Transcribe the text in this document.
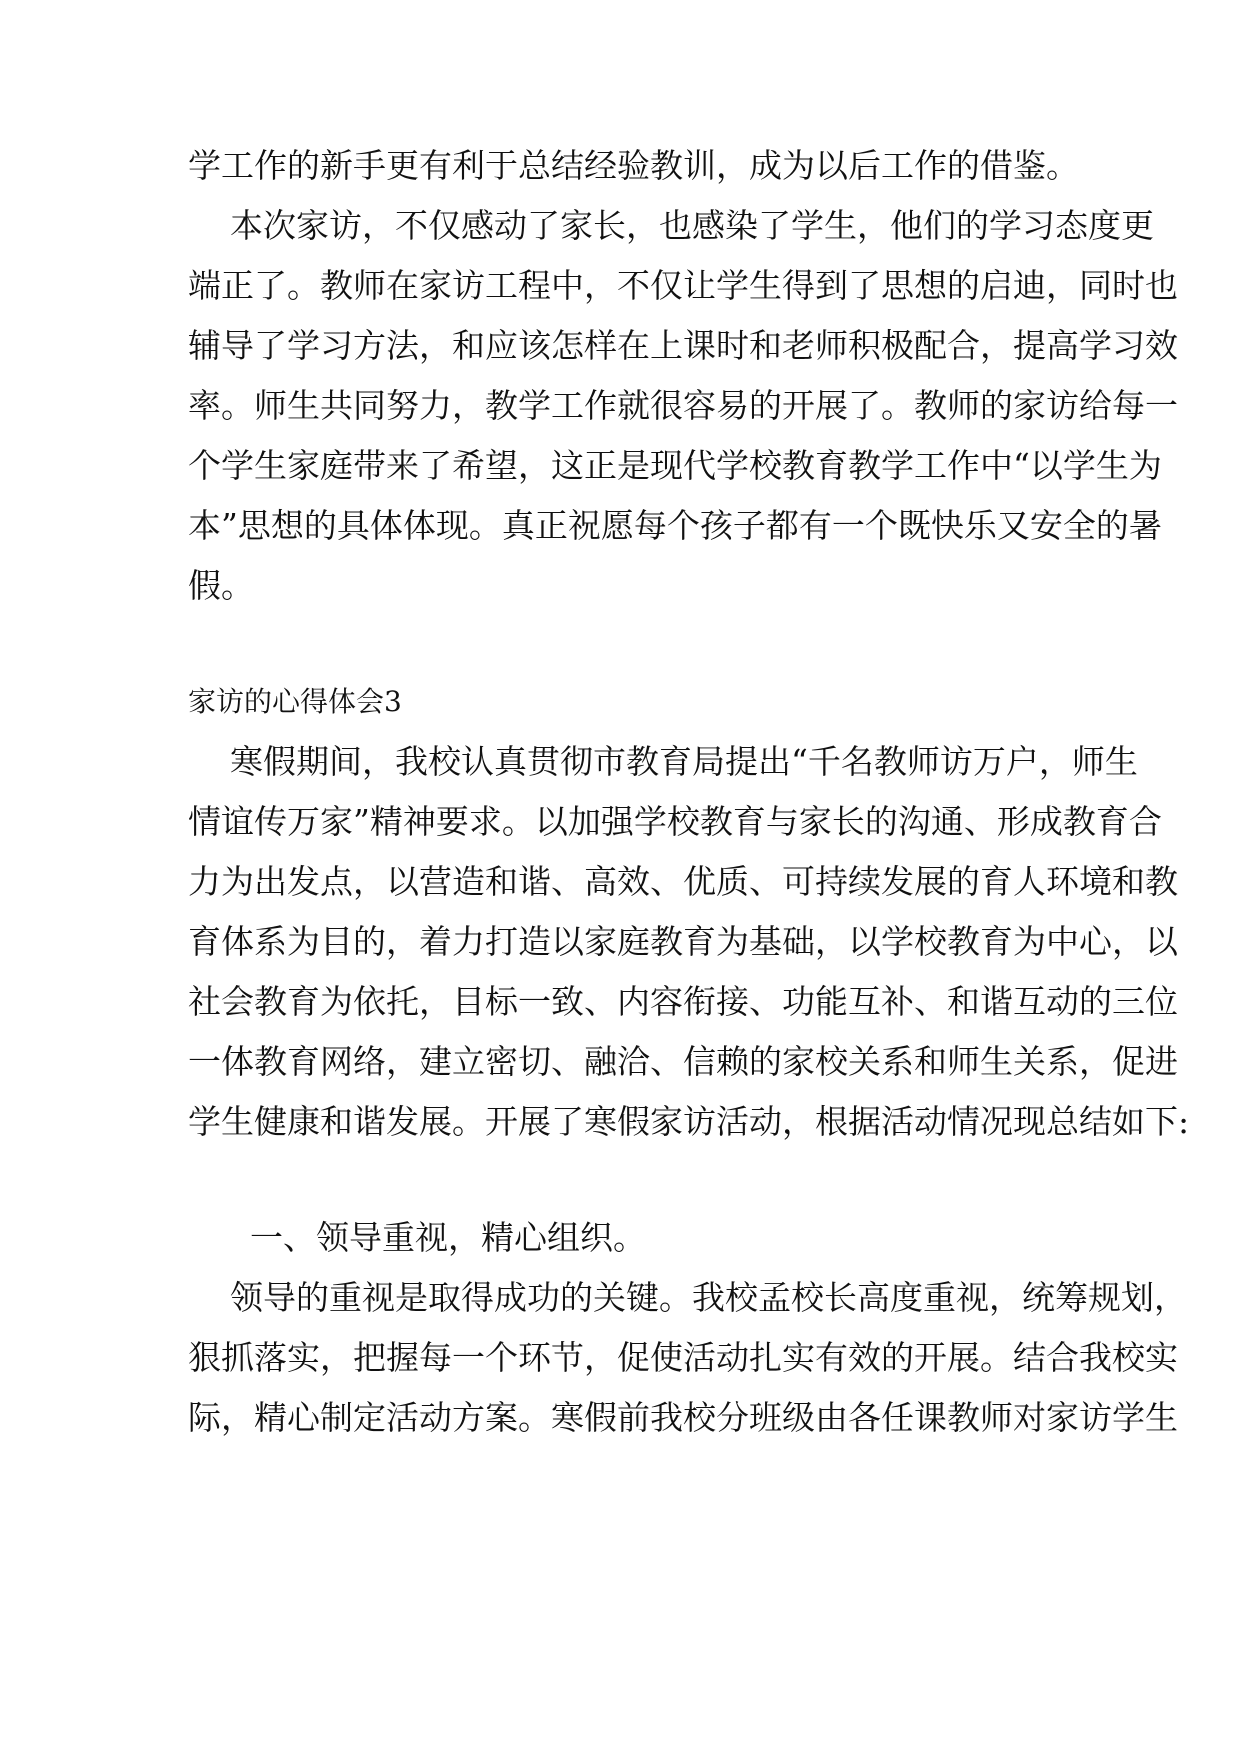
学工作的新手更有利于总结经验教训，成为以后工作的借鉴。
本次家访，不仅感动了家长，也感染了学生，他们的学习态度更
端正了。教师在家访工程中，不仅让学生得到了思想的启迪，同时也
辅导了学习方法，和应该怎样在上课时和老师积极配合，提高学习效
率。师生共同努力，教学工作就很容易的开展了。教师的家访给每一
个学生家庭带来了希望，这正是现代学校教育教学工作中“以学生为
本”思想的具体体现。真正祝愿每个孩子都有一个既快乐又安全的暑
假。
家访的心得体会3
寒假期间，我校认真贯彻市教育局提出“千名教师访万户，师生
情谊传万家”精神要求。以加强学校教育与家长的沟通、形成教育合
力为出发点，以营造和谐、高效、优质、可持续发展的育人环境和教
育体系为目的，着力打造以家庭教育为基础，以学校教育为中心，以
社会教育为依托，目标一致、内容衔接、功能互补、和谐互动的三位
一体教育网络，建立密切、融洽、信赖的家校关系和师生关系，促进
学生健康和谐发展。开展了寒假家访活动，根据活动情况现总结如下:
一、领导重视，精心组织。
领导的重视是取得成功的关键。我校孟校长高度重视，统筹规划，
狠抓落实，把握每一个环节，促使活动扎实有效的开展。结合我校实
际，精心制定活动方案。寒假前我校分班级由各任课教师对家访学生
